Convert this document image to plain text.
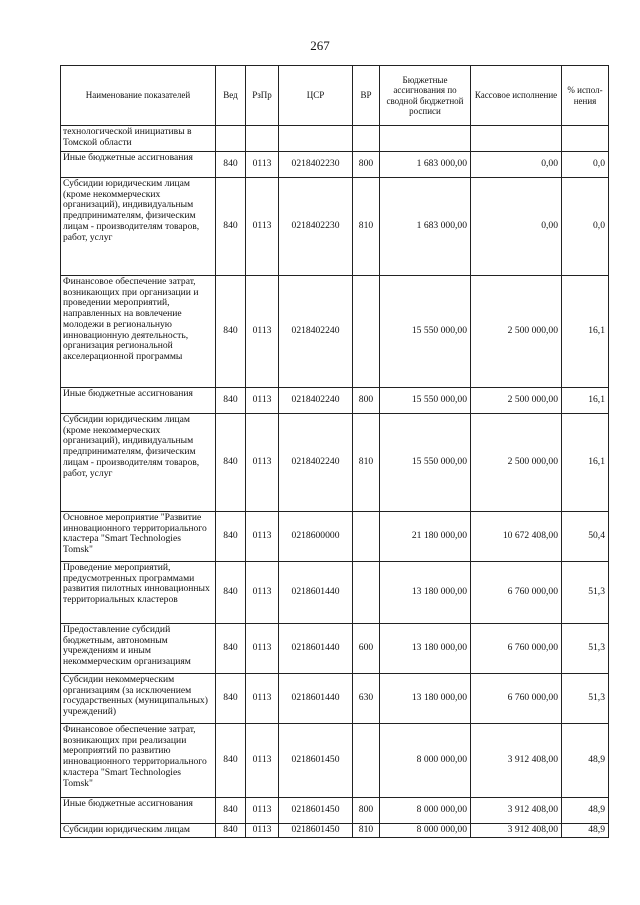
267
Наименование показателей	Вед	РзПр	ЦСР	ВР	Бюджетные ассигнования по сводной бюджетной росписи	Кассовое исполнение	% испол- нения
технологической инициативы в Томской области							
Иные бюджетные ассигнования	840	0113	0218402230	800	1 683 000,00	0,00	0,0
Субсидии юридическим лицам (кроме некоммерческих организаций), индивидуальным предпринимателям, физическим лицам - производителям товаров, работ, услуг	840	0113	0218402230	810	1 683 000,00	0,00	0,0
Финансовое обеспечение затрат, возникающих при организации и проведении мероприятий, направленных на вовлечение молодежи в региональную инновационную деятельность, организация региональной акселерационной программы	840	0113	0218402240		15 550 000,00	2 500 000,00	16,1
Иные бюджетные ассигнования	840	0113	0218402240	800	15 550 000,00	2 500 000,00	16,1
Субсидии юридическим лицам (кроме некоммерческих организаций), индивидуальным предпринимателям, физическим лицам - производителям товаров, работ, услуг	840	0113	0218402240	810	15 550 000,00	2 500 000,00	16,1
Основное мероприятие "Развитие инновационного территориального кластера "Smart Technologies Tomsk"	840	0113	0218600000		21 180 000,00	10 672 408,00	50,4
Проведение мероприятий, предусмотренных программами развития пилотных инновационных территориальных кластеров	840	0113	0218601440		13 180 000,00	6 760 000,00	51,3
Предоставление субсидий бюджетным, автономным учреждениям и иным некоммерческим организациям	840	0113	0218601440	600	13 180 000,00	6 760 000,00	51,3
Субсидии некоммерческим организациям (за исключением государственных (муниципальных) учреждений)	840	0113	0218601440	630	13 180 000,00	6 760 000,00	51,3
Финансовое обеспечение затрат, возникающих при реализации мероприятий по развитию инновационного территориального кластера "Smart Technologies Tomsk"	840	0113	0218601450		8 000 000,00	3 912 408,00	48,9
Иные бюджетные ассигнования	840	0113	0218601450	800	8 000 000,00	3 912 408,00	48,9
Субсидии юридическим лицам	840	0113	0218601450	810	8 000 000,00	3 912 408,00	48,9
